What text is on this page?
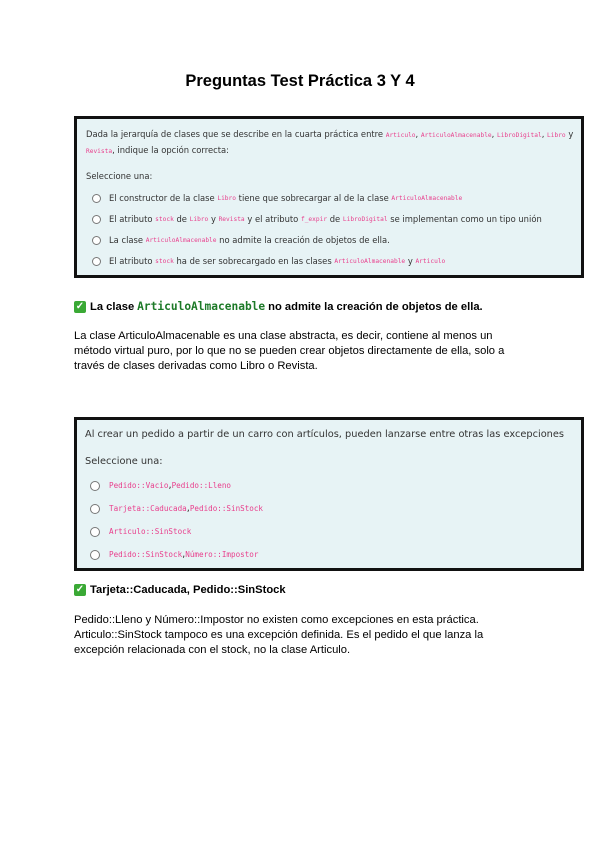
Preguntas Test Práctica 3 Y 4
Dada la jerarquía de clases que se describe en la cuarta práctica entre Articulo, ArticuloAlmacenable, LibroDigital, Libro y Revista, indique la opción correcta:
Seleccione una:
El constructor de la clase
Libro
tiene que sobrecargar al de la clase
ArticuloAlmacenable
El atributo
stock
de
Libro
y
Revista
y el atributo
f_expir
de
LibroDigital
se implementan como un tipo unión
La clase
ArticuloAlmacenable
no admite la creación de objetos de ella.
El atributo
stock
ha de ser sobrecargado en las clases
ArticuloAlmacenable
y
Articulo
✓ La clase ArticuloAlmacenable no admite la creación de objetos de ella.
La clase ArticuloAlmacenable es una clase abstracta, es decir, contiene al menos un método virtual puro, por lo que no se pueden crear objetos directamente de ella, solo a través de clases derivadas como Libro o Revista.
Al crear un pedido a partir de un carro con artículos, pueden lanzarse entre otras las excepciones
Seleccione una:
Pedido::Vacio , Pedido::Lleno
Tarjeta::Caducada , Pedido::SinStock
Articulo::SinStock
Pedido::SinStock , Número::Impostor
✓ Tarjeta::Caducada, Pedido::SinStock
Pedido::Lleno y Número::Impostor no existen como excepciones en esta práctica. Articulo::SinStock tampoco es una excepción definida. Es el pedido el que lanza la excepción relacionada con el stock, no la clase Articulo.
